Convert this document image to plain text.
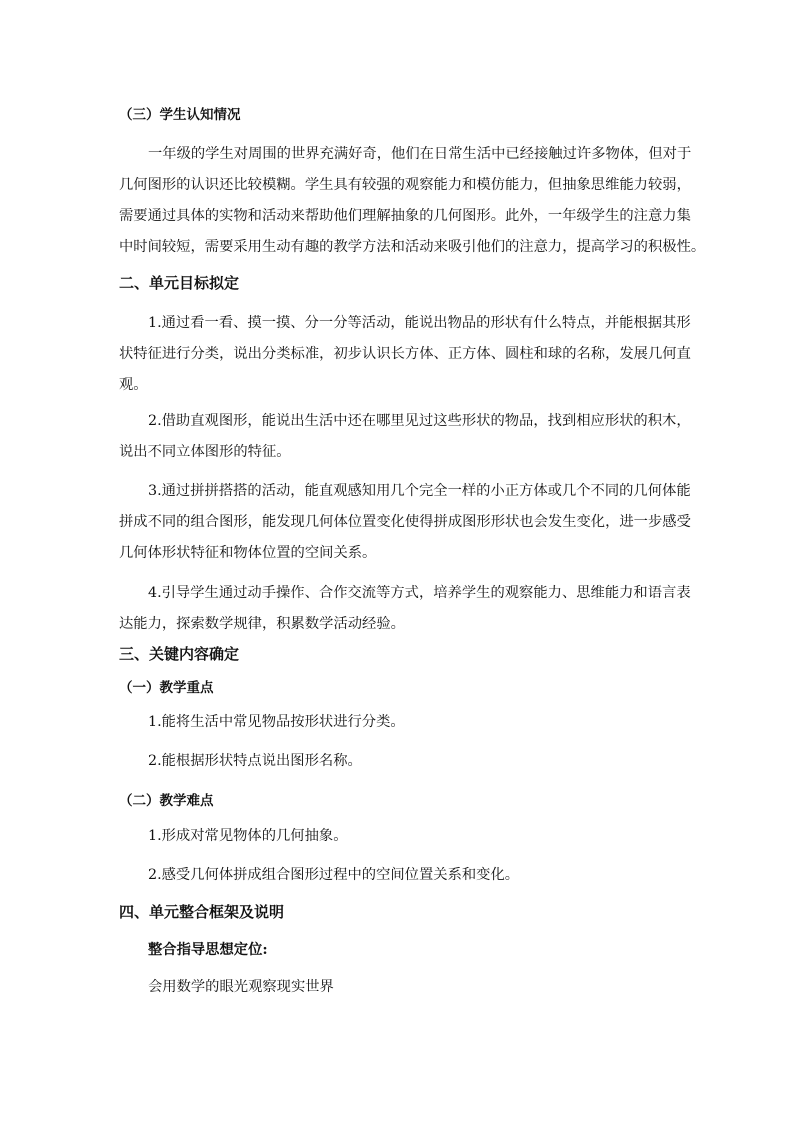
（三）学生认知情况

一年级的学生对周围的世界充满好奇，他们在日常生活中已经接触过许多物体，但对于

几何图形的认识还比较模糊。学生具有较强的观察能力和模仿能力，但抽象思维能力较弱，

需要通过具体的实物和活动来帮助他们理解抽象的几何图形。此外，一年级学生的注意力集

中时间较短，需要采用生动有趣的教学方法和活动来吸引他们的注意力，提高学习的积极性。

二、单元目标拟定

1.通过看一看、摸一摸、分一分等活动，能说出物品的形状有什么特点，并能根据其形

状特征进行分类，说出分类标准，初步认识长方体、正方体、圆柱和球的名称，发展几何直

观。

2.借助直观图形，能说出生活中还在哪里见过这些形状的物品，找到相应形状的积木，

说出不同立体图形的特征。

3.通过拼拼搭搭的活动，能直观感知用几个完全一样的小正方体或几个不同的几何体能

拼成不同的组合图形，能发现几何体位置变化使得拼成图形形状也会发生变化，进一步感受

几何体形状特征和物体位置的空间关系。

4.引导学生通过动手操作、合作交流等方式，培养学生的观察能力、思维能力和语言表

达能力，探索数学规律，积累数学活动经验。

三、关键内容确定

（一）教学重点

1.能将生活中常见物品按形状进行分类。

2.能根据形状特点说出图形名称。

（二）教学难点

1.形成对常见物体的几何抽象。

2.感受几何体拼成组合图形过程中的空间位置关系和变化。

四、单元整合框架及说明

整合指导思想定位:

会用数学的眼光观察现实世界
